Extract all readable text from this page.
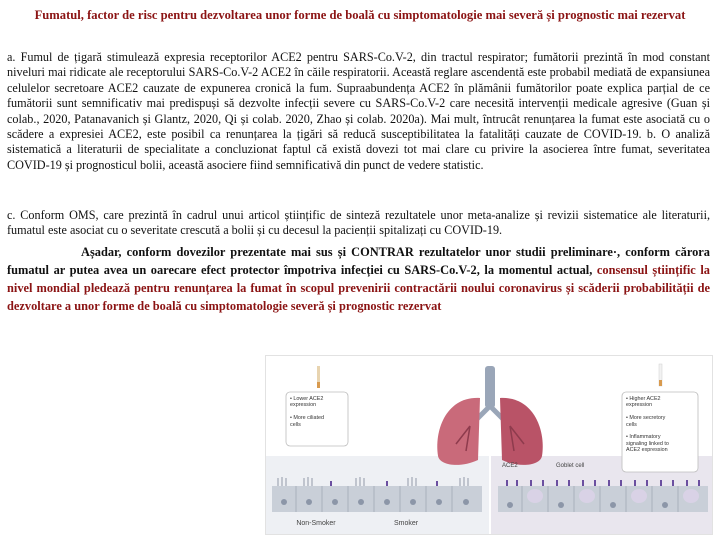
Fumatul, factor de risc pentru dezvoltarea unor forme de boală cu simptomatologie mai severă și prognostic mai rezervat

a. Fumul de țigară stimulează expresia receptorilor ACE2 pentru SARS-Co.V-2, din tractul respirator; fumătorii prezintă în mod constant niveluri mai ridicate ale receptorului SARS-Co.V-2 ACE2 în căile respiratorii. Această reglare ascendentă este probabil mediată de expansiunea celulelor secretoare ACE2 cauzate de expunerea cronică la fum. Supraabundența ACE2 în plămânii fumătorilor poate explica parțial de ce fumătorii sunt semnificativ mai predispuși să dezvolte infecții severe cu SARS-Co.V-2 care necesită intervenții medicale agresive (Guan și colab., 2020, Patanavanich și Glantz, 2020, Qi și colab. 2020, Zhao și colab. 2020a). Mai mult, întrucât renunțarea la fumat este asociată cu o scădere a expresiei ACE2, este posibil ca renunțarea la țigări să reducă susceptibilitatea la fatalități cauzate de COVID-19. b. O analiză sistematică a literaturii de specialitate a concluzionat faptul că există dovezi tot mai clare cu privire la asocierea între fumat, severitatea COVID-19 și prognosticul bolii, această asociere fiind semnificativă din punct de vedere statistic.

c. Conform OMS, care prezintă în cadrul unui articol științific de sinteză rezultatele unor meta-analize și revizii sistematice ale literaturii, fumatul este asociat cu o severitate crescută a bolii și cu decesul la pacienții spitalizați cu COVID-19.

Așadar, conform dovezilor prezentate mai sus și CONTRAR rezultatelor unor studii preliminare·, conform cărora fumatul ar putea avea un oarecare efect protector împotriva infecției cu SARS-Co.V-2, la momentul actual, consensul științific la nivel mondial pledează pentru renunțarea la fumat în scopul prevenirii contractării noului coronavirus și scăderii probabilității de dezvoltare a unor forme de boală cu simptomatologie severă și prognostic rezervat

• Lower ACE2
expression

• More ciliated
cells
• Higher ACE2
expression

• More secretory
cells

• Inflammatory
signaling linked to
ACE2 expression
ACE2	Goblet cell
Non-Smoker	Smoker
